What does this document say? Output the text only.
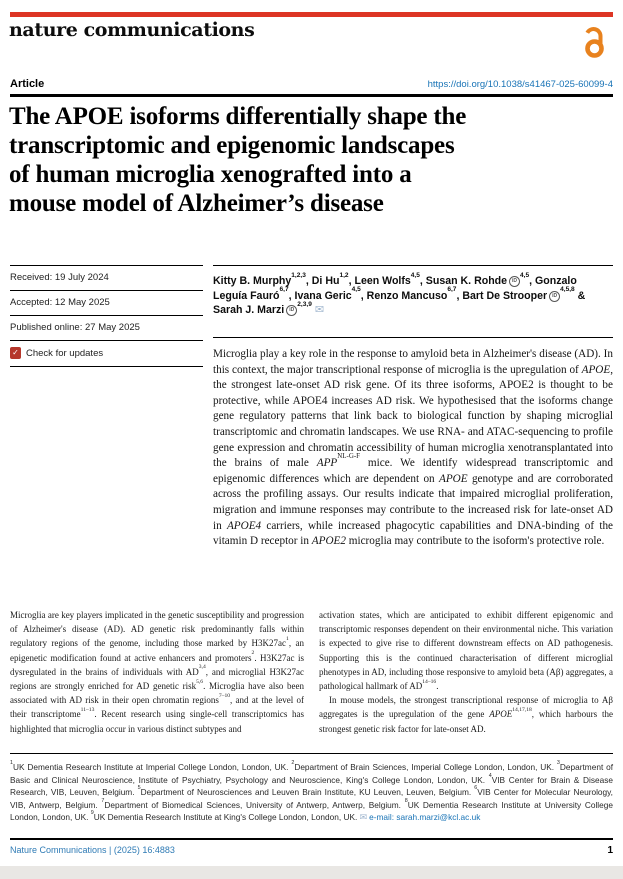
nature communications
Article	https://doi.org/10.1038/s41467-025-60099-4
The APOE isoforms differentially shape the
transcriptomic and epigenomic landscapes
of human microglia xenografted into a
mouse model of Alzheimer’s disease
Received: 19 July 2024
Accepted: 12 May 2025
Published online: 27 May 2025
✓ Check for updates
Kitty B. Murphy$^{1,2,3}$, Di Hu$^{1,2}$, Leen Wolfs$^{4,5}$, Susan K. Rohde iD$^{4,5}$, Gonzalo Leguía Fauró$^{6,7}$, Ivana Geric$^{4,5}$, Renzo Mancuso$^{6,7}$, Bart De Strooper iD$^{4,5,8}$ & Sarah J. Marzi iD$^{2,3,9}$ ✉
Microglia play a key role in the response to amyloid beta in Alzheimer's disease (AD). In this context, the major transcriptional response of microglia is the upregulation of APOE, the strongest late-onset AD risk gene. Of its three isoforms, APOE2 is thought to be protective, while APOE4 increases AD risk. We hypothesised that the isoforms change gene regulatory patterns that link back to biological function by shaping microglial transcriptomic and chromatin landscapes. We use RNA- and ATAC-sequencing to profile gene expression and chromatin accessibility of human microglia xenotransplantated into the brains of male $APP^{NL-G-F}$ mice. We identify widespread transcriptomic and epigenomic differences which are dependent on APOE genotype and are corroborated across the profiling assays. Our results indicate that impaired microglial proliferation, migration and immune responses may contribute to the increased risk for late-onset AD in APOE4 carriers, while increased phagocytic capabilities and DNA-binding of the vitamin D receptor in APOE2 microglia may contribute to the isoform's protective role.

Microglia are key players implicated in the genetic susceptibility and progression of Alzheimer's disease (AD). AD genetic risk predominantly falls within regulatory regions of the genome, including those marked by $H3K27ac^1$, an epigenetic modification found at active enhancers and promoters$^2$. H3K27ac is dysregulated in the brains of individuals with AD$^{3,4}$, and microglial H3K27ac regions are strongly enriched for AD genetic risk$^{5,6}$. Microglia have also been associated with AD risk in their open chromatin regions$^{7-10}$, and at the level of their transcriptome$^{11-13}$. Recent research using single-cell transcriptomics has highlighted that microglia occur in various distinct subtypes and

activation states, which are anticipated to exhibit different epigenomic and transcriptomic responses dependent on their environmental niche. This variation is expected to give rise to different downstream effects on AD pathogenesis. Supporting this is the continued characterisation of different microglial phenotypes in AD, including those responsive to amyloid beta (Aβ) aggregates, a pathological hallmark of AD$^{14-16}$.

In mouse models, the strongest transcriptional response of microglia to Aβ aggregates is the upregulation of the gene APOE$^{14,17,18}$, which harbours the strongest genetic risk factor for late-onset AD.

$^1$UK Dementia Research Institute at Imperial College London, London, UK. $^2$Department of Brain Sciences, Imperial College London, London, UK. $^3$Department of Basic and Clinical Neuroscience, Institute of Psychiatry, Psychology and Neuroscience, King's College London, London, UK. $^4$VIB Center for Brain & Disease Research, VIB, Leuven, Belgium. $^5$Department of Neurosciences and Leuven Brain Institute, KU Leuven, Leuven, Belgium. $^6$VIB Center for Molecular Neurology, VIB, Antwerp, Belgium. $^7$Department of Biomedical Sciences, University of Antwerp, Antwerp, Belgium. $^8$UK Dementia Research Institute at University College London, London, UK. $^9$UK Dementia Research Institute at King's College London, London, UK. ✉ e-mail: sarah.marzi@kcl.ac.uk
Nature Communications | (2025) 16:4883	1
